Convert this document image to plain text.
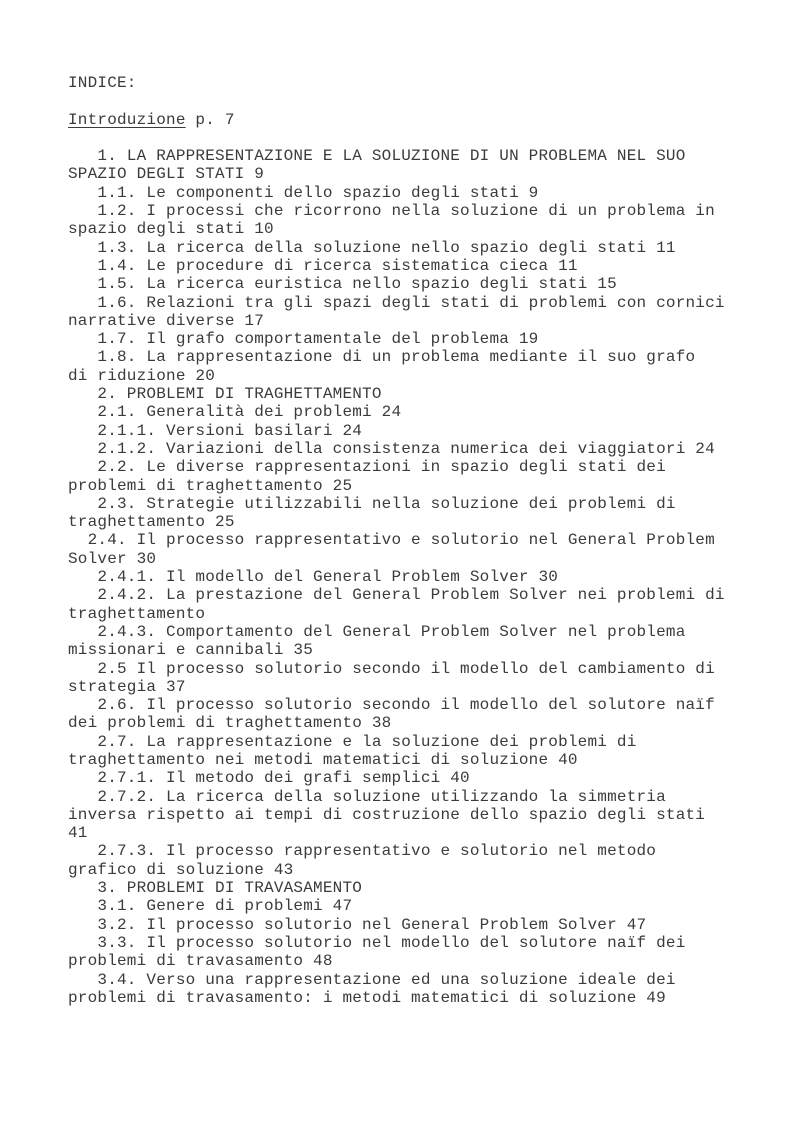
INDICE:
Introduzione p. 7
1. LA RAPPRESENTAZIONE E LA SOLUZIONE DI UN PROBLEMA NEL SUO
SPAZIO DEGLI STATI 9
1.1. Le componenti dello spazio degli stati 9
1.2. I processi che ricorrono nella soluzione di un problema in
spazio degli stati 10
1.3. La ricerca della soluzione nello spazio degli stati 11
1.4. Le procedure di ricerca sistematica cieca 11
1.5. La ricerca euristica nello spazio degli stati 15
1.6. Relazioni tra gli spazi degli stati di problemi con cornici
narrative diverse 17
1.7. Il grafo comportamentale del problema 19
1.8. La rappresentazione di un problema mediante il suo grafo
di riduzione 20
2. PROBLEMI DI TRAGHETTAMENTO
2.1. Generalità dei problemi 24
2.1.1. Versioni basilari 24
2.1.2. Variazioni della consistenza numerica dei viaggiatori 24
2.2. Le diverse rappresentazioni in spazio degli stati dei
problemi di traghettamento 25
2.3. Strategie utilizzabili nella soluzione dei problemi di
traghettamento 25
2.4. Il processo rappresentativo e solutorio nel General Problem
Solver 30
2.4.1. Il modello del General Problem Solver 30
2.4.2. La prestazione del General Problem Solver nei problemi di
traghettamento
2.4.3. Comportamento del General Problem Solver nel problema
missionari e cannibali 35
2.5 Il processo solutorio secondo il modello del cambiamento di
strategia 37
2.6. Il processo solutorio secondo il modello del solutore naïf
dei problemi di traghettamento 38
2.7. La rappresentazione e la soluzione dei problemi di
traghettamento nei metodi matematici di soluzione 40
2.7.1. Il metodo dei grafi semplici 40
2.7.2. La ricerca della soluzione utilizzando la simmetria
inversa rispetto ai tempi di costruzione dello spazio degli stati
41
2.7.3. Il processo rappresentativo e solutorio nel metodo
grafico di soluzione 43
3. PROBLEMI DI TRAVASAMENTO
3.1. Genere di problemi 47
3.2. Il processo solutorio nel General Problem Solver 47
3.3. Il processo solutorio nel modello del solutore naïf dei
problemi di travasamento 48
3.4. Verso una rappresentazione ed una soluzione ideale dei
problemi di travasamento: i metodi matematici di soluzione 49
